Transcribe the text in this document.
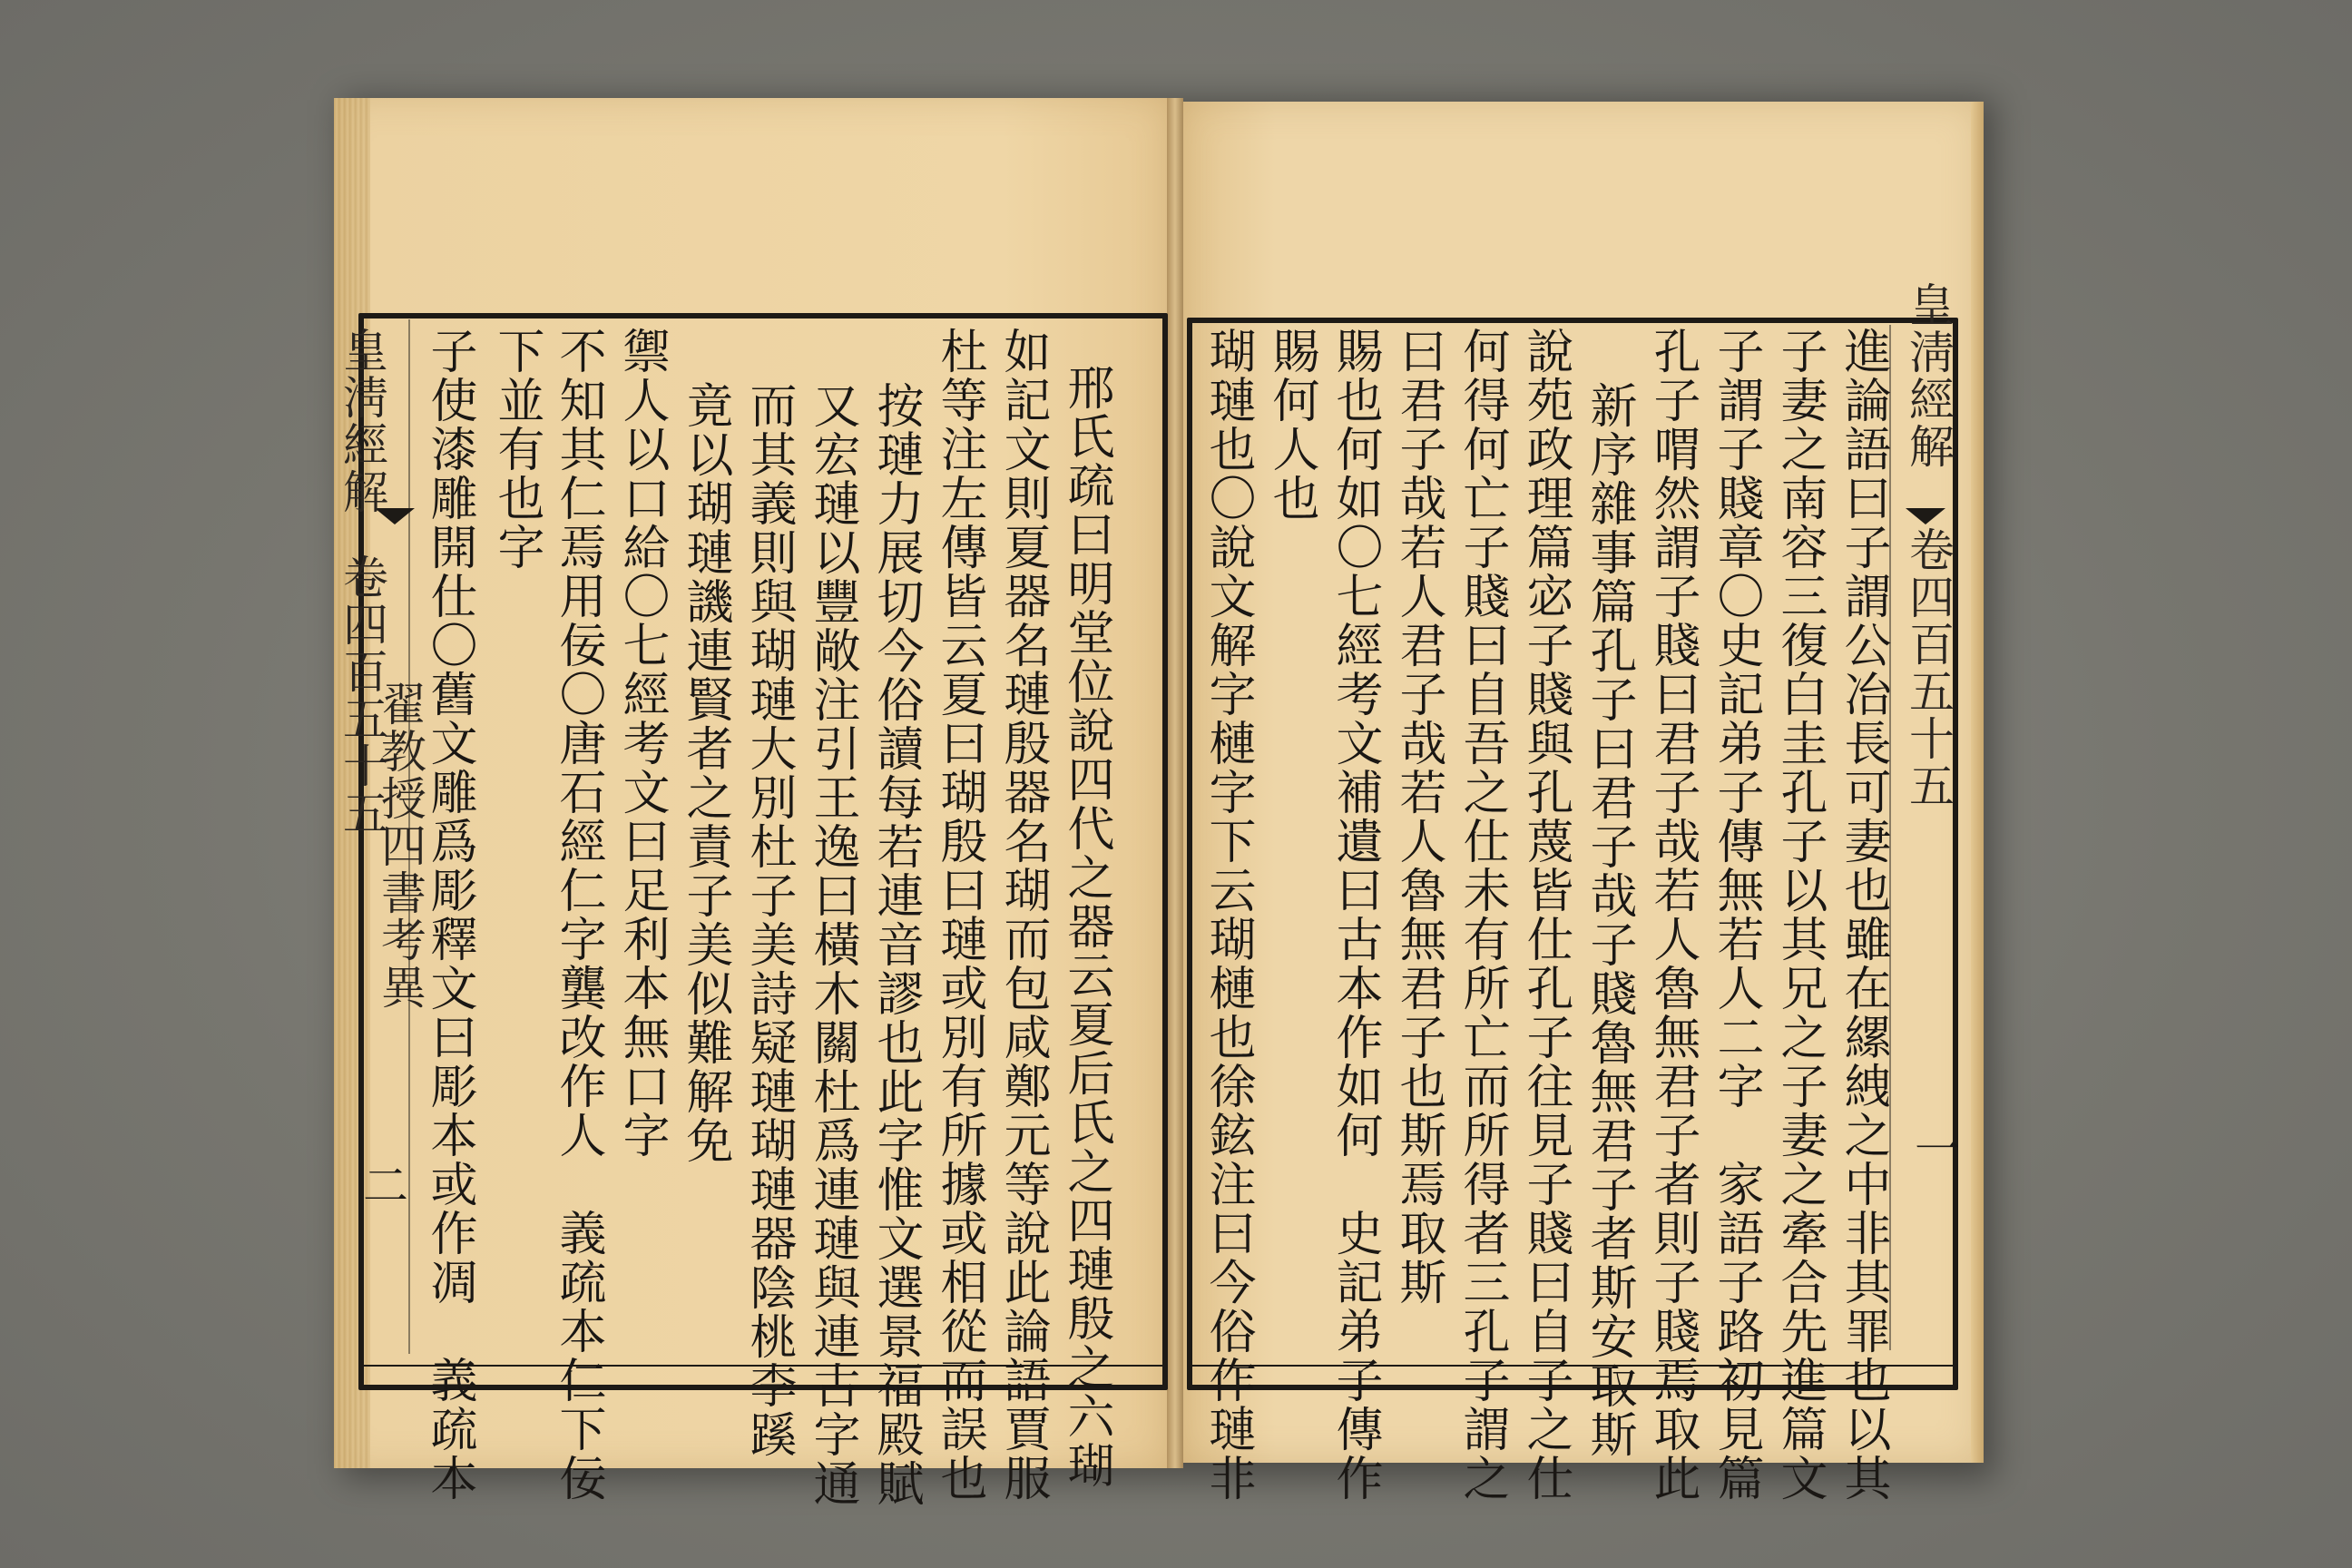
皇淸經解
卷四百五十五
翟教授四書考異
二 子使漆雕開仕〇舊文雕爲彫釋文曰彫本或作凋　義疏本 下並有也字 不知其仁焉用佞〇唐石經仁字龔改作人　義疏本仁下佞 禦人以口給〇七經考文曰足利本無口字 竟以瑚璉譏連賢者之責子美似難解免 而其義則與瑚璉大別杜子美詩疑璉瑚璉器陰桃李蹊 又宏璉以豐敞注引王逸曰橫木關杜爲連璉與連古字通 按璉力展切今俗讀每若連音謬也此字惟文選景福殿賦 杜等注左傳皆云夏曰瑚殷曰璉或別有所據或相從而誤也 如記文則夏器名璉殷器名瑚而包咸鄭元等說此論語賈服 邢氏疏曰明堂位說四代之器云夏后氏之四璉殷之六瑚	皇淸經解
卷四百五十五
一
進論語曰子謂公冶長可妻也雖在縲絏之中非其罪也以其
子妻之南容三復白圭孔子以其兄之子妻之牽合先進篇文
子謂子賤章〇史記弟子傳無若人二字　家語子路初見篇
孔子喟然謂子賤曰君子哉若人魯無君子者則子賤焉取此
新序雜事篇孔子曰君子哉子賤魯無君子者斯安取斯
說苑政理篇宓子賤與孔蔑皆仕孔子往見子賤曰自子之仕
何得何亡子賤曰自吾之仕未有所亡而所得者三孔子謂之
曰君子哉若人君子哉若人魯無君子也斯焉取斯
賜也何如〇七經考文補遺曰古本作如何　史記弟子傳作
賜何人也
瑚璉也〇說文解字槤字下云瑚槤也徐鉉注曰今俗作璉非
